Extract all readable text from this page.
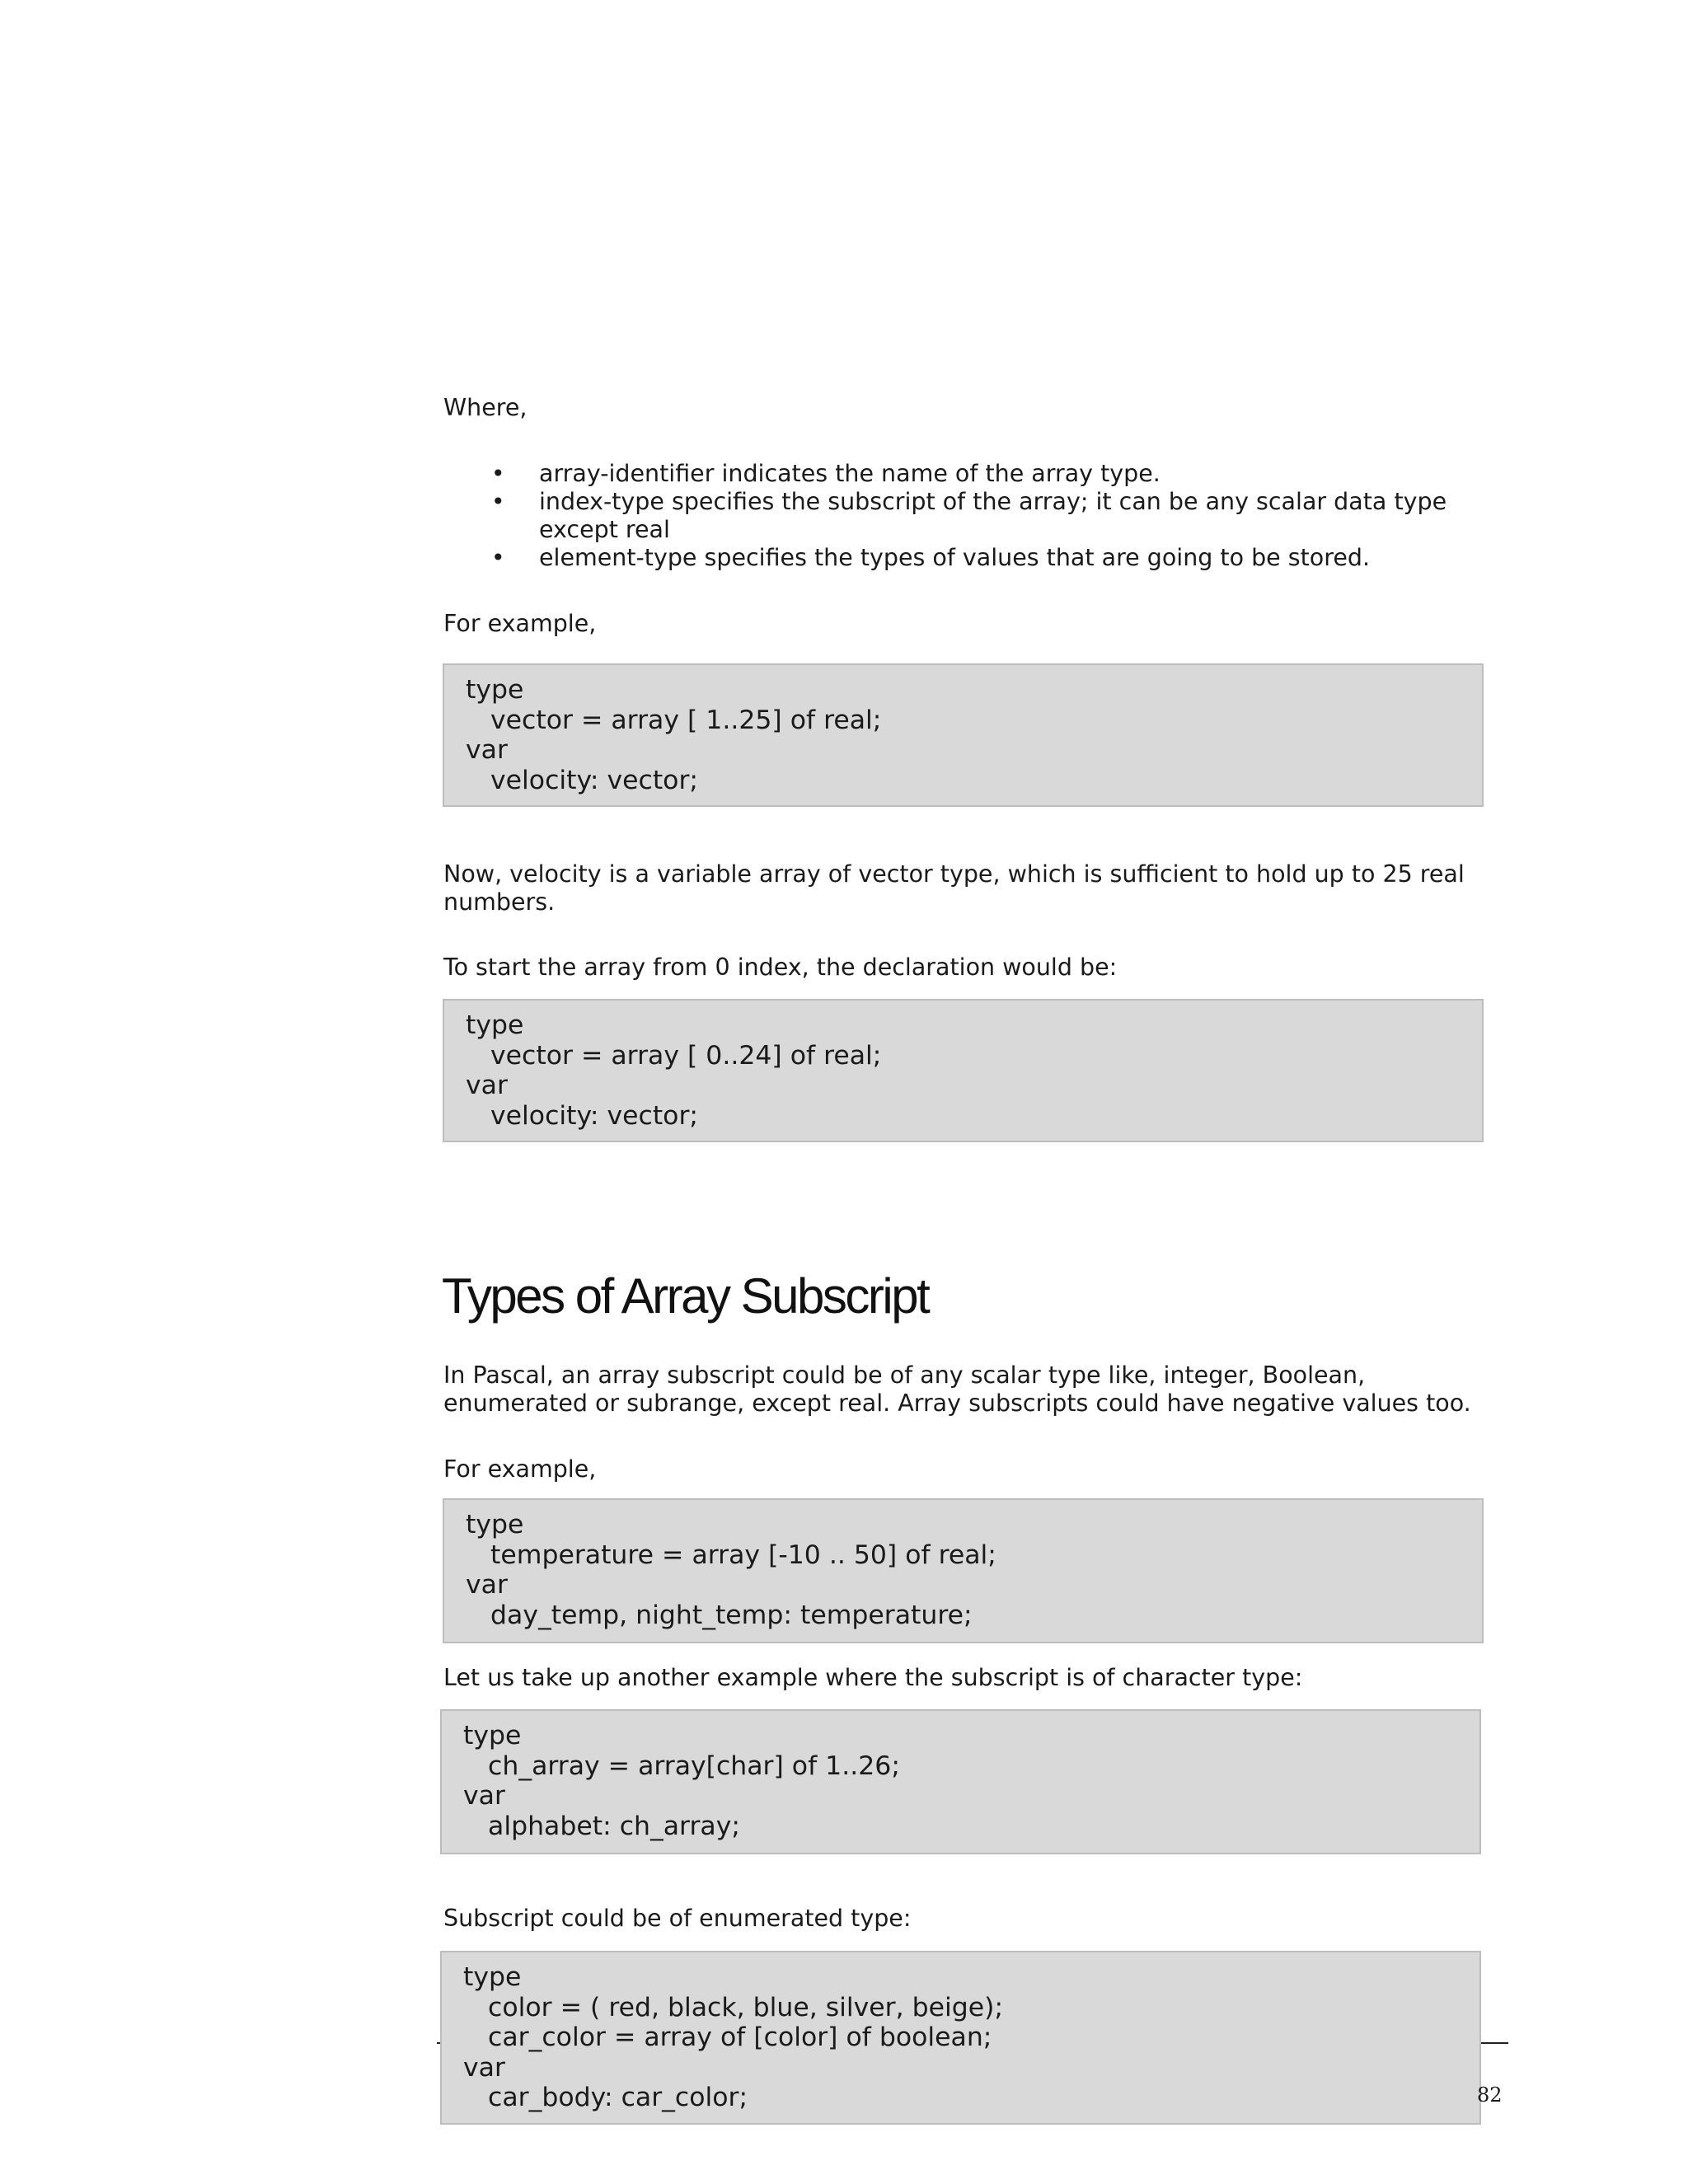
Where,

• array-identifier indicates the name of the array type.
• index-type specifies the subscript of the array; it can be any scalar data type except real
• element-type specifies the types of values that are going to be stored.

For example,

type
vector = array [ 1..25] of real;
var
velocity: vector;

Now, velocity is a variable array of vector type, which is sufficient to hold up to 25 real numbers.

To start the array from 0 index, the declaration would be:

type
vector = array [ 0..24] of real;
var
velocity: vector;
Types of Array Subscript

In Pascal, an array subscript could be of any scalar type like, integer, Boolean, enumerated or subrange, except real. Array subscripts could have negative values too.

For example,

type
temperature = array [-10 .. 50] of real;
var
day_temp, night_temp: temperature;

Let us take up another example where the subscript is of character type:

type
ch_array = array[char] of 1..26;
var
alphabet: ch_array;

Subscript could be of enumerated type:

type
color = ( red, black, blue, silver, beige);
car_color = array of [color] of boolean;
var
car_body: car_color;	82
